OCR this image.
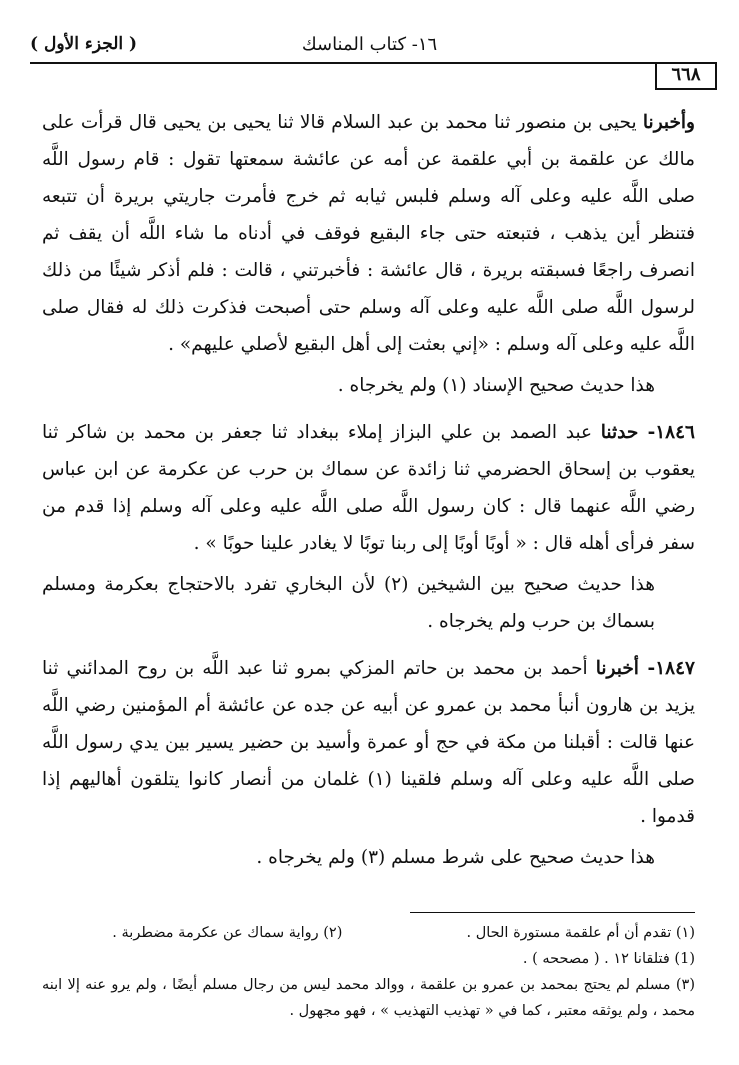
( الجزء الأول )	١٦- كتاب المناسك
٦٦٨

وأخبرنا يحيى بن منصور ثنا محمد بن عبد السلام قالا ثنا يحيى بن يحيى قال قرأت على مالك عن علقمة بن أبي علقمة عن أمه عن عائشة سمعتها تقول : قام رسول اللَّه صلى اللَّه عليه وعلى آله وسلم فلبس ثيابه ثم خرج فأمرت جاريتي بريرة أن تتبعه فتنظر أين يذهب ، فتبعته حتى جاء البقيع فوقف في أدناه ما شاء اللَّه أن يقف ثم انصرف راجعًا فسبقته بريرة ، قال عائشة : فأخبرتني ، قالت : فلم أذكر شيئًا من ذلك لرسول اللَّه صلى اللَّه عليه وعلى آله وسلم حتى أصبحت فذكرت ذلك له فقال صلى اللَّه عليه وعلى آله وسلم : «إني بعثت إلى أهل البقيع لأصلي عليهم» .

هذا حديث صحيح الإسناد (١) ولم يخرجاه .

١٨٤٦- حدثنا عبد الصمد بن علي البزاز إملاء ببغداد ثنا جعفر بن محمد بن شاكر ثنا يعقوب بن إسحاق الحضرمي ثنا زائدة عن سماك بن حرب عن عكرمة عن ابن عباس رضي اللَّه عنهما قال : كان رسول اللَّه صلى اللَّه عليه وعلى آله وسلم إذا قدم من سفر فرأى أهله قال : « أوبًا أوبًا إلى ربنا توبًا لا يغادر علينا حوبًا » .

هذا حديث صحيح بين الشيخين (٢) لأن البخاري تفرد بالاحتجاج بعكرمة ومسلم بسماك بن حرب ولم يخرجاه .

١٨٤٧- أخبرنا أحمد بن محمد بن حاتم المزكي بمرو ثنا عبد اللَّه بن روح المدائني ثنا يزيد بن هارون أنبأ محمد بن عمرو عن أبيه عن جده عن عائشة أم المؤمنين رضي اللَّه عنها قالت : أقبلنا من مكة في حج أو عمرة وأسيد بن حضير يسير بين يدي رسول اللَّه صلى اللَّه عليه وعلى آله وسلم فلقينا (١) غلمان من أنصار كانوا يتلقون أهاليهم إذا قدموا .

هذا حديث صحيح على شرط مسلم (٣) ولم يخرجاه .

(١) تقدم أن أم علقمة مستورة الحال .
(٢) رواية سماك عن عكرمة مضطربة .

(1) فتلقانا ١٢ . ( مصححه ) .

(٣) مسلم لم يحتج بمحمد بن عمرو بن علقمة ، ووالد محمد ليس من رجال مسلم أيضًا ، ولم يرو عنه إلا ابنه محمد ، ولم يوثقه معتبر ، كما في « تهذيب التهذيب » ، فهو مجهول .
